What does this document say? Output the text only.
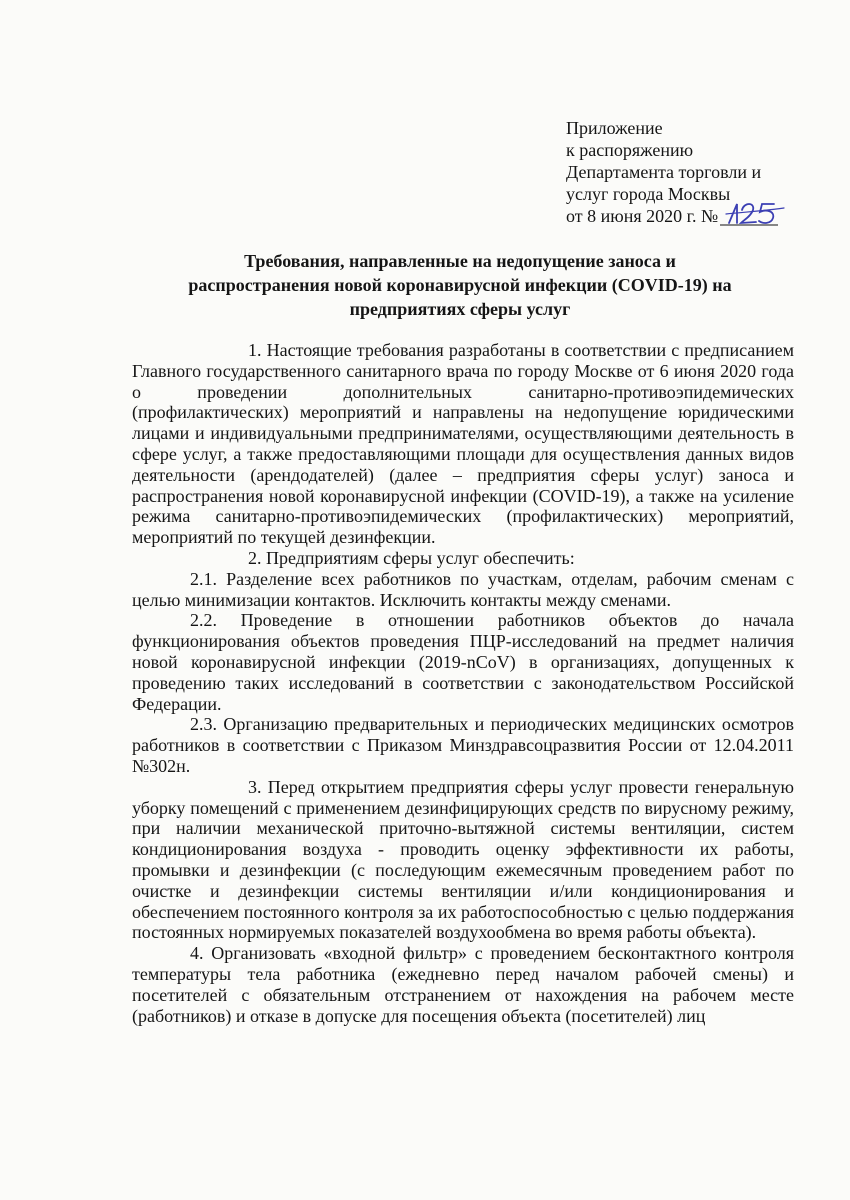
Приложение
к распоряжению
Департамента торговли и
услуг города Москвы
от 8 июня 2020 г. №
Требования, направленные на недопущение заноса и
распространения новой коронавирусной инфекции (COVID-19) на
предприятиях сферы услуг

1. Настоящие требования разработаны в соответствии с предписанием Главного государственного санитарного врача по городу Москве от 6 июня 2020 года о проведении дополнительных санитарно-противоэпидемических (профилактических) мероприятий и направлены на недопущение юридическими лицами и индивидуальными предпринимателями, осуществляющими деятельность в сфере услуг, а также предоставляющими площади для осуществления данных видов деятельности (арендодателей) (далее – предприятия сферы услуг) заноса и распространения новой коронавирусной инфекции (COVID-19), а также на усиление режима санитарно-противоэпидемических (профилактических) мероприятий, мероприятий по текущей дезинфекции.

2. Предприятиям сферы услуг обеспечить:

2.1. Разделение всех работников по участкам, отделам, рабочим сменам с целью минимизации контактов. Исключить контакты между сменами.

2.2. Проведение в отношении работников объектов до начала функционирования объектов проведения ПЦР-исследований на предмет наличия новой коронавирусной инфекции (2019-nCoV) в организациях, допущенных к проведению таких исследований в соответствии с законодательством Российской Федерации.

2.3. Организацию предварительных и периодических медицинских осмотров работников в соответствии с Приказом Минздравсоцразвития России от 12.04.2011 №302н.

3. Перед открытием предприятия сферы услуг провести генеральную уборку помещений с применением дезинфицирующих средств по вирусному режиму, при наличии механической приточно-вытяжной системы вентиляции, систем кондиционирования воздуха - проводить оценку эффективности их работы, промывки и дезинфекции (с последующим ежемесячным проведением работ по очистке и дезинфекции системы вентиляции и/или кондиционирования и обеспечением постоянного контроля за их работоспособностью с целью поддержания постоянных нормируемых показателей воздухообмена во время работы объекта).

4. Организовать «входной фильтр» с проведением бесконтактного контроля температуры тела работника (ежедневно перед началом рабочей смены) и посетителей с обязательным отстранением от нахождения на рабочем месте (работников) и отказе в допуске для посещения объекта (посетителей) лиц
